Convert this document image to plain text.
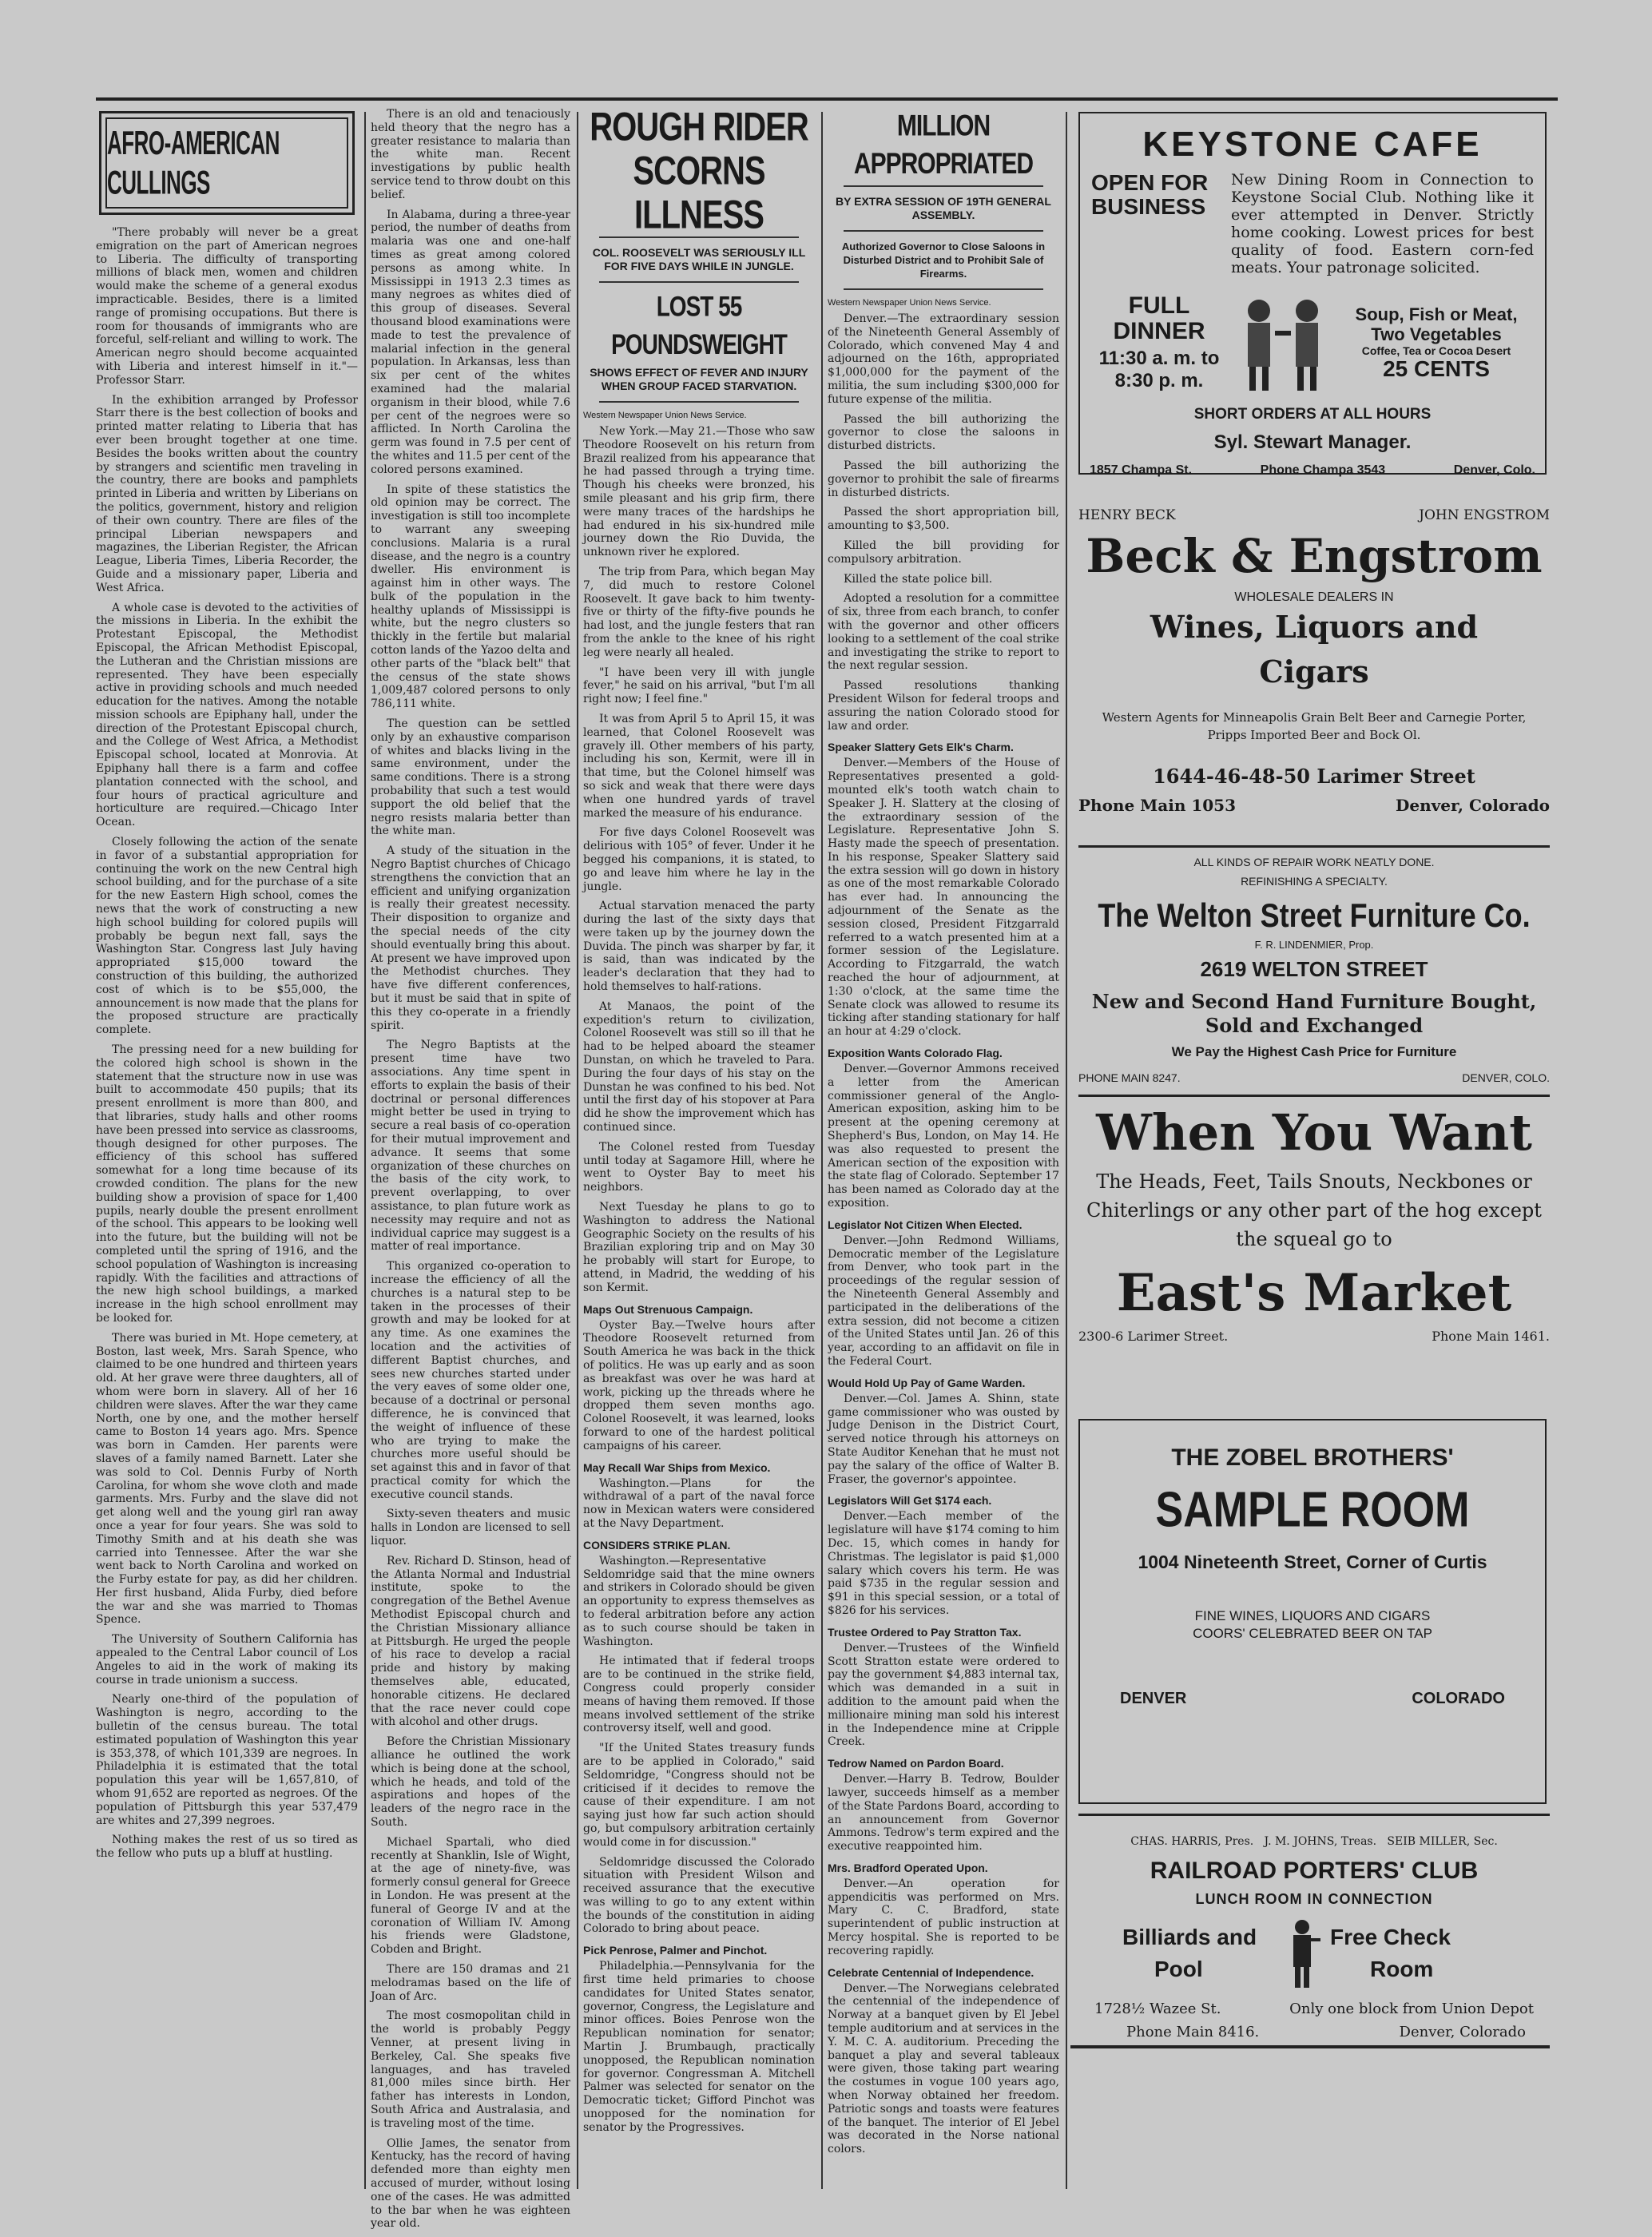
AFRO-AMERICAN CULLINGS

"There probably will never be a great emigration on the part of American negroes to Liberia. The difficulty of transporting millions of black men, women and children would make the scheme of a general exodus impracticable. Besides, there is a limited range of promising occupations. But there is room for thousands of immigrants who are forceful, self-reliant and willing to work. The American negro should become acquainted with Liberia and interest himself in it."—Professor Starr.

In the exhibition arranged by Professor Starr there is the best collection of books and printed matter relating to Liberia that has ever been brought together at one time. Besides the books written about the country by strangers and scientific men traveling in the country, there are books and pamphlets printed in Liberia and written by Liberians on the politics, government, history and religion of their own country. There are files of the principal Liberian newspapers and magazines, the Liberian Register, the African League, Liberia Times, Liberia Recorder, the Guide and a missionary paper, Liberia and West Africa.

A whole case is devoted to the activities of the missions in Liberia. In the exhibit the Protestant Episcopal, the Methodist Episcopal, the African Methodist Episcopal, the Lutheran and the Christian missions are represented. They have been especially active in providing schools and much needed education for the natives. Among the notable mission schools are Epiphany hall, under the direction of the Protestant Episcopal church, and the College of West Africa, a Methodist Episcopal school, located at Monrovia. At Epiphany hall there is a farm and coffee plantation connected with the school, and four hours of practical agriculture and horticulture are required.—Chicago Inter Ocean.

Closely following the action of the senate in favor of a substantial appropriation for continuing the work on the new Central high school building, and for the purchase of a site for the new Eastern High school, comes the news that the work of constructing a new high school building for colored pupils will probably be begun next fall, says the Washington Star. Congress last July having appropriated $15,000 toward the construction of this building, the authorized cost of which is to be $55,000, the announcement is now made that the plans for the proposed structure are practically complete.

The pressing need for a new building for the colored high school is shown in the statement that the structure now in use was built to accommodate 450 pupils; that its present enrollment is more than 800, and that libraries, study halls and other rooms have been pressed into service as classrooms, though designed for other purposes. The efficiency of this school has suffered somewhat for a long time because of its crowded condition. The plans for the new building show a provision of space for 1,400 pupils, nearly double the present enrollment of the school. This appears to be looking well into the future, but the building will not be completed until the spring of 1916, and the school population of Washington is increasing rapidly. With the facilities and attractions of the new high school buildings, a marked increase in the high school enrollment may be looked for.

There was buried in Mt. Hope cemetery, at Boston, last week, Mrs. Sarah Spence, who claimed to be one hundred and thirteen years old. At her grave were three daughters, all of whom were born in slavery. All of her 16 children were slaves. After the war they came North, one by one, and the mother herself came to Boston 14 years ago. Mrs. Spence was born in Camden. Her parents were slaves of a family named Barnett. Later she was sold to Col. Dennis Furby of North Carolina, for whom she wove cloth and made garments. Mrs. Furby and the slave did not get along well and the young girl ran away once a year for four years. She was sold to Timothy Smith and at his death she was carried into Tennessee. After the war she went back to North Carolina and worked on the Furby estate for pay, as did her children. Her first husband, Alida Furby, died before the war and she was married to Thomas Spence.

The University of Southern California has appealed to the Central Labor council of Los Angeles to aid in the work of making its course in trade unionism a success.

Nearly one-third of the population of Washington is negro, according to the bulletin of the census bureau. The total estimated population of Washington this year is 353,378, of which 101,339 are negroes. In Philadelphia it is estimated that the total population this year will be 1,657,810, of whom 91,652 are reported as negroes. Of the population of Pittsburgh this year 537,479 are whites and 27,399 negroes.

Nothing makes the rest of us so tired as the fellow who puts up a bluff at hustling.

There is an old and tenaciously held theory that the negro has a greater resistance to malaria than the white man. Recent investigations by public health service tend to throw doubt on this belief.

In Alabama, during a three-year period, the number of deaths from malaria was one and one-half times as great among colored persons as among white. In Mississippi in 1913 2.3 times as many negroes as whites died of this group of diseases. Several thousand blood examinations were made to test the prevalence of malarial infection in the general population. In Arkansas, less than six per cent of the whites examined had the malarial organism in their blood, while 7.6 per cent of the negroes were so afflicted. In North Carolina the germ was found in 7.5 per cent of the whites and 11.5 per cent of the colored persons examined.

In spite of these statistics the old opinion may be correct. The investigation is still too incomplete to warrant any sweeping conclusions. Malaria is a rural disease, and the negro is a country dweller. His environment is against him in other ways. The bulk of the population in the healthy uplands of Mississippi is white, but the negro clusters so thickly in the fertile but malarial cotton lands of the Yazoo delta and other parts of the "black belt" that the census of the state shows 1,009,487 colored persons to only 786,111 white.

The question can be settled only by an exhaustive comparison of whites and blacks living in the same environment, under the same conditions. There is a strong probability that such a test would support the old belief that the negro resists malaria better than the white man.

A study of the situation in the Negro Baptist churches of Chicago strengthens the conviction that an efficient and unifying organization is really their greatest necessity. Their disposition to organize and the special needs of the city should eventually bring this about. At present we have improved upon the Methodist churches. They have five different conferences, but it must be said that in spite of this they co-operate in a friendly spirit.

The Negro Baptists at the present time have two associations. Any time spent in efforts to explain the basis of their doctrinal or personal differences might better be used in trying to secure a real basis of co-operation for their mutual improvement and advance. It seems that some organization of these churches on the basis of the city work, to prevent overlapping, to over assistance, to plan future work as necessity may require and not as individual caprice may suggest is a matter of real importance.

This organized co-operation to increase the efficiency of all the churches is a natural step to be taken in the processes of their growth and may be looked for at any time. As one examines the location and the activities of different Baptist churches, and sees new churches started under the very eaves of some older one, because of a doctrinal or personal difference, he is convinced that the weight of influence of these who are trying to make the churches more useful should be set against this and in favor of that practical comity for which the executive council stands.

Sixty-seven theaters and music halls in London are licensed to sell liquor.

Rev. Richard D. Stinson, head of the Atlanta Normal and Industrial institute, spoke to the congregation of the Bethel Avenue Methodist Episcopal church and the Christian Missionary alliance at Pittsburgh. He urged the people of his race to develop a racial pride and history by making themselves able, educated, honorable citizens. He declared that the race never could cope with alcohol and other drugs.

Before the Christian Missionary alliance he outlined the work which is being done at the school, which he heads, and told of the aspirations and hopes of the leaders of the negro race in the South.

Michael Spartali, who died recently at Shanklin, Isle of Wight, at the age of ninety-five, was formerly consul general for Greece in London. He was present at the funeral of George IV and at the coronation of William IV. Among his friends were Gladstone, Cobden and Bright.

There are 150 dramas and 21 melodramas based on the life of Joan of Arc.

The most cosmopolitan child in the world is probably Peggy Venner, at present living in Berkeley, Cal. She speaks five languages, and has traveled 81,000 miles since birth. Her father has interests in London, South Africa and Australasia, and is traveling most of the time.

Ollie James, the senator from Kentucky, has the record of having defended more than eighty men accused of murder, without losing one of the cases. He was admitted to the bar when he was eighteen year old.

ROUGH RIDER SCORNS ILLNESS
COL. ROOSEVELT WAS SERIOUSLY ILL FOR FIVE DAYS WHILE IN JUNGLE.
LOST 55 POUNDSWEIGHT
SHOWS EFFECT OF FEVER AND INJURY WHEN GROUP FACED STARVATION.
Western Newspaper Union News Service.

New York.—May 21.—Those who saw Theodore Roosevelt on his return from Brazil realized from his appearance that he had passed through a trying time. Though his cheeks were bronzed, his smile pleasant and his grip firm, there were many traces of the hardships he had endured in his six-hundred mile journey down the Rio Duvida, the unknown river he explored.

The trip from Para, which began May 7, did much to restore Colonel Roosevelt. It gave back to him twenty-five or thirty of the fifty-five pounds he had lost, and the jungle festers that ran from the ankle to the knee of his right leg were nearly all healed.

"I have been very ill with jungle fever," he said on his arrival, "but I'm all right now; I feel fine."

It was from April 5 to April 15, it was learned, that Colonel Roosevelt was gravely ill. Other members of his party, including his son, Kermit, were ill in that time, but the Colonel himself was so sick and weak that there were days when one hundred yards of travel marked the measure of his endurance.

For five days Colonel Roosevelt was delirious with 105° of fever. Under it he begged his companions, it is stated, to go and leave him where he lay in the jungle.

Actual starvation menaced the party during the last of the sixty days that were taken up by the journey down the Duvida. The pinch was sharper by far, it is said, than was indicated by the leader's declaration that they had to hold themselves to half-rations.

At Manaos, the point of the expedition's return to civilization, Colonel Roosevelt was still so ill that he had to be helped aboard the steamer Dunstan, on which he traveled to Para. During the four days of his stay on the Dunstan he was confined to his bed. Not until the first day of his stopover at Para did he show the improvement which has continued since.

The Colonel rested from Tuesday until today at Sagamore Hill, where he went to Oyster Bay to meet his neighbors.

Next Tuesday he plans to go to Washington to address the National Geographic Society on the results of his Brazilian exploring trip and on May 30 he probably will start for Europe, to attend, in Madrid, the wedding of his son Kermit.

Maps Out Strenuous Campaign.

Oyster Bay.—Twelve hours after Theodore Roosevelt returned from South America he was back in the thick of politics. He was up early and as soon as breakfast was over he was hard at work, picking up the threads where he dropped them seven months ago. Colonel Roosevelt, it was learned, looks forward to one of the hardest political campaigns of his career.

May Recall War Ships from Mexico.

Washington.—Plans for the withdrawal of a part of the naval force now in Mexican waters were considered at the Navy Department.

CONSIDERS STRIKE PLAN.

Washington.—Representative Seldomridge said that the mine owners and strikers in Colorado should be given an opportunity to express themselves as to federal arbitration before any action as to such course should be taken in Washington.

He intimated that if federal troops are to be continued in the strike field, Congress could properly consider means of having them removed. If those means involved settlement of the strike controversy itself, well and good.

"If the United States treasury funds are to be applied in Colorado," said Seldomridge, "Congress should not be criticised if it decides to remove the cause of their expenditure. I am not saying just how far such action should go, but compulsory arbitration certainly would come in for discussion."

Seldomridge discussed the Colorado situation with President Wilson and received assurance that the executive was willing to go to any extent within the bounds of the constitution in aiding Colorado to bring about peace.

Pick Penrose, Palmer and Pinchot.

Philadelphia.—Pennsylvania for the first time held primaries to choose candidates for United States senator, governor, Congress, the Legislature and minor offices. Boies Penrose won the Republican nomination for senator; Martin J. Brumbaugh, practically unopposed, the Republican nomination for governor. Congressman A. Mitchell Palmer was selected for senator on the Democratic ticket; Gifford Pinchot was unopposed for the nomination for senator by the Progressives.

MILLION APPROPRIATED
BY EXTRA SESSION OF 19TH GENERAL ASSEMBLY.
Authorized Governor to Close Saloons in Disturbed District and to Prohibit Sale of Firearms.
Western Newspaper Union News Service.

Denver.—The extraordinary session of the Nineteenth General Assembly of Colorado, which convened May 4 and adjourned on the 16th, appropriated $1,000,000 for the payment of the militia, the sum including $300,000 for future expense of the militia.

Passed the bill authorizing the governor to close the saloons in disturbed districts.

Passed the bill authorizing the governor to prohibit the sale of firearms in disturbed districts.

Passed the short appropriation bill, amounting to $3,500.

Killed the bill providing for compulsory arbitration.

Killed the state police bill.

Adopted a resolution for a committee of six, three from each branch, to confer with the governor and other officers looking to a settlement of the coal strike and investigating the strike to report to the next regular session.

Passed resolutions thanking President Wilson for federal troops and assuring the nation Colorado stood for law and order.

Speaker Slattery Gets Elk's Charm.

Denver.—Members of the House of Representatives presented a gold-mounted elk's tooth watch chain to Speaker J. H. Slattery at the closing of the extraordinary session of the Legislature. Representative John S. Hasty made the speech of presentation. In his response, Speaker Slattery said the extra session will go down in history as one of the most remarkable Colorado has ever had. In announcing the adjournment of the Senate as the session closed, President Fitzgarrald referred to a watch presented him at a former session of the Legislature. According to Fitzgarrald, the watch reached the hour of adjournment, at 1:30 o'clock, at the same time the Senate clock was allowed to resume its ticking after standing stationary for half an hour at 4:29 o'clock.

Exposition Wants Colorado Flag.

Denver.—Governor Ammons received a letter from the American commissioner general of the Anglo-American exposition, asking him to be present at the opening ceremony at Shepherd's Bus, London, on May 14. He was also requested to present the American section of the exposition with the state flag of Colorado. September 17 has been named as Colorado day at the exposition.

Legislator Not Citizen When Elected.

Denver.—John Redmond Williams, Democratic member of the Legislature from Denver, who took part in the proceedings of the regular session of the Nineteenth General Assembly and participated in the deliberations of the extra session, did not become a citizen of the United States until Jan. 26 of this year, according to an affidavit on file in the Federal Court.

Would Hold Up Pay of Game Warden.

Denver.—Col. James A. Shinn, state game commissioner who was ousted by Judge Denison in the District Court, served notice through his attorneys on State Auditor Kenehan that he must not pay the salary of the office of Walter B. Fraser, the governor's appointee.

Legislators Will Get $174 each.

Denver.—Each member of the legislature will have $174 coming to him Dec. 15, which comes in handy for Christmas. The legislator is paid $1,000 salary which covers his term. He was paid $735 in the regular session and $91 in this special session, or a total of $826 for his services.

Trustee Ordered to Pay Stratton Tax.

Denver.—Trustees of the Winfield Scott Stratton estate were ordered to pay the government $4,883 internal tax, which was demanded in a suit in addition to the amount paid when the millionaire mining man sold his interest in the Independence mine at Cripple Creek.

Tedrow Named on Pardon Board.

Denver.—Harry B. Tedrow, Boulder lawyer, succeeds himself as a member of the State Pardons Board, according to an announcement from Governor Ammons. Tedrow's term expired and the executive reappointed him.

Mrs. Bradford Operated Upon.

Denver.—An operation for appendicitis was performed on Mrs. Mary C. C. Bradford, state superintendent of public instruction at Mercy hospital. She is reported to be recovering rapidly.

Celebrate Centennial of Independence.

Denver.—The Norwegians celebrated the centennial of the independence of Norway at a banquet given by El Jebel temple auditorium and at services in the Y. M. C. A. auditorium. Preceding the banquet a play and several tableaux were given, those taking part wearing the costumes in vogue 100 years ago, when Norway obtained her freedom. Patriotic songs and toasts were features of the banquet. The interior of El Jebel was decorated in the Norse national colors.

KEYSTONE CAFE
OPEN FOR BUSINESS
New Dining Room in Connection to Keystone Social Club. Nothing like it ever attempted in Denver. Strictly home cooking. Lowest prices for best quality of food. Eastern corn-fed meats. Your patronage solicited.
FULL DINNER
11:30 a. m. to 8:30 p. m.
Soup, Fish or Meat, Two Vegetables
Coffee, Tea or Cocoa Desert
25 CENTS
SHORT ORDERS AT ALL HOURS
Syl. Stewart Manager.
1857 Champa St.	Phone Champa 3543	Denver, Colo.
HENRY BECK	JOHN ENGSTROM
Beck & Engstrom
WHOLESALE DEALERS IN
Wines, Liquors and Cigars
Western Agents for Minneapolis Grain Belt Beer and Carnegie Porter, Pripps Imported Beer and Bock Ol.
1644-46-48-50 Larimer Street
Phone Main 1053	Denver, Colorado
ALL KINDS OF REPAIR WORK NEATLY DONE.
REFINISHING A SPECIALTY.
The Welton Street Furniture Co.
F. R. LINDENMIER, Prop.
2619 WELTON STREET
New and Second Hand Furniture Bought, Sold and Exchanged
We Pay the Highest Cash Price for Furniture
PHONE MAIN 8247.	DENVER, COLO.
When You Want
The Heads, Feet, Tails Snouts, Neckbones or Chiterlings or any other part of the hog except the squeal go to
East's Market
2300-6 Larimer Street.	Phone Main 1461.
THE ZOBEL BROTHERS'
SAMPLE ROOM
1004 Nineteenth Street, Corner of Curtis
FINE WINES, LIQUORS AND CIGARS
COORS' CELEBRATED BEER ON TAP
DENVER	COLORADO
CHAS. HARRIS, Pres.   J. M. JOHNS, Treas.   SEIB MILLER, Sec.
RAILROAD PORTERS' CLUB
LUNCH ROOM IN CONNECTION
Billiards and
Pool
Free Check
Room
1728½ Wazee St.	Only one block from Union Depot
Phone Main 8416.	Denver, Colorado
